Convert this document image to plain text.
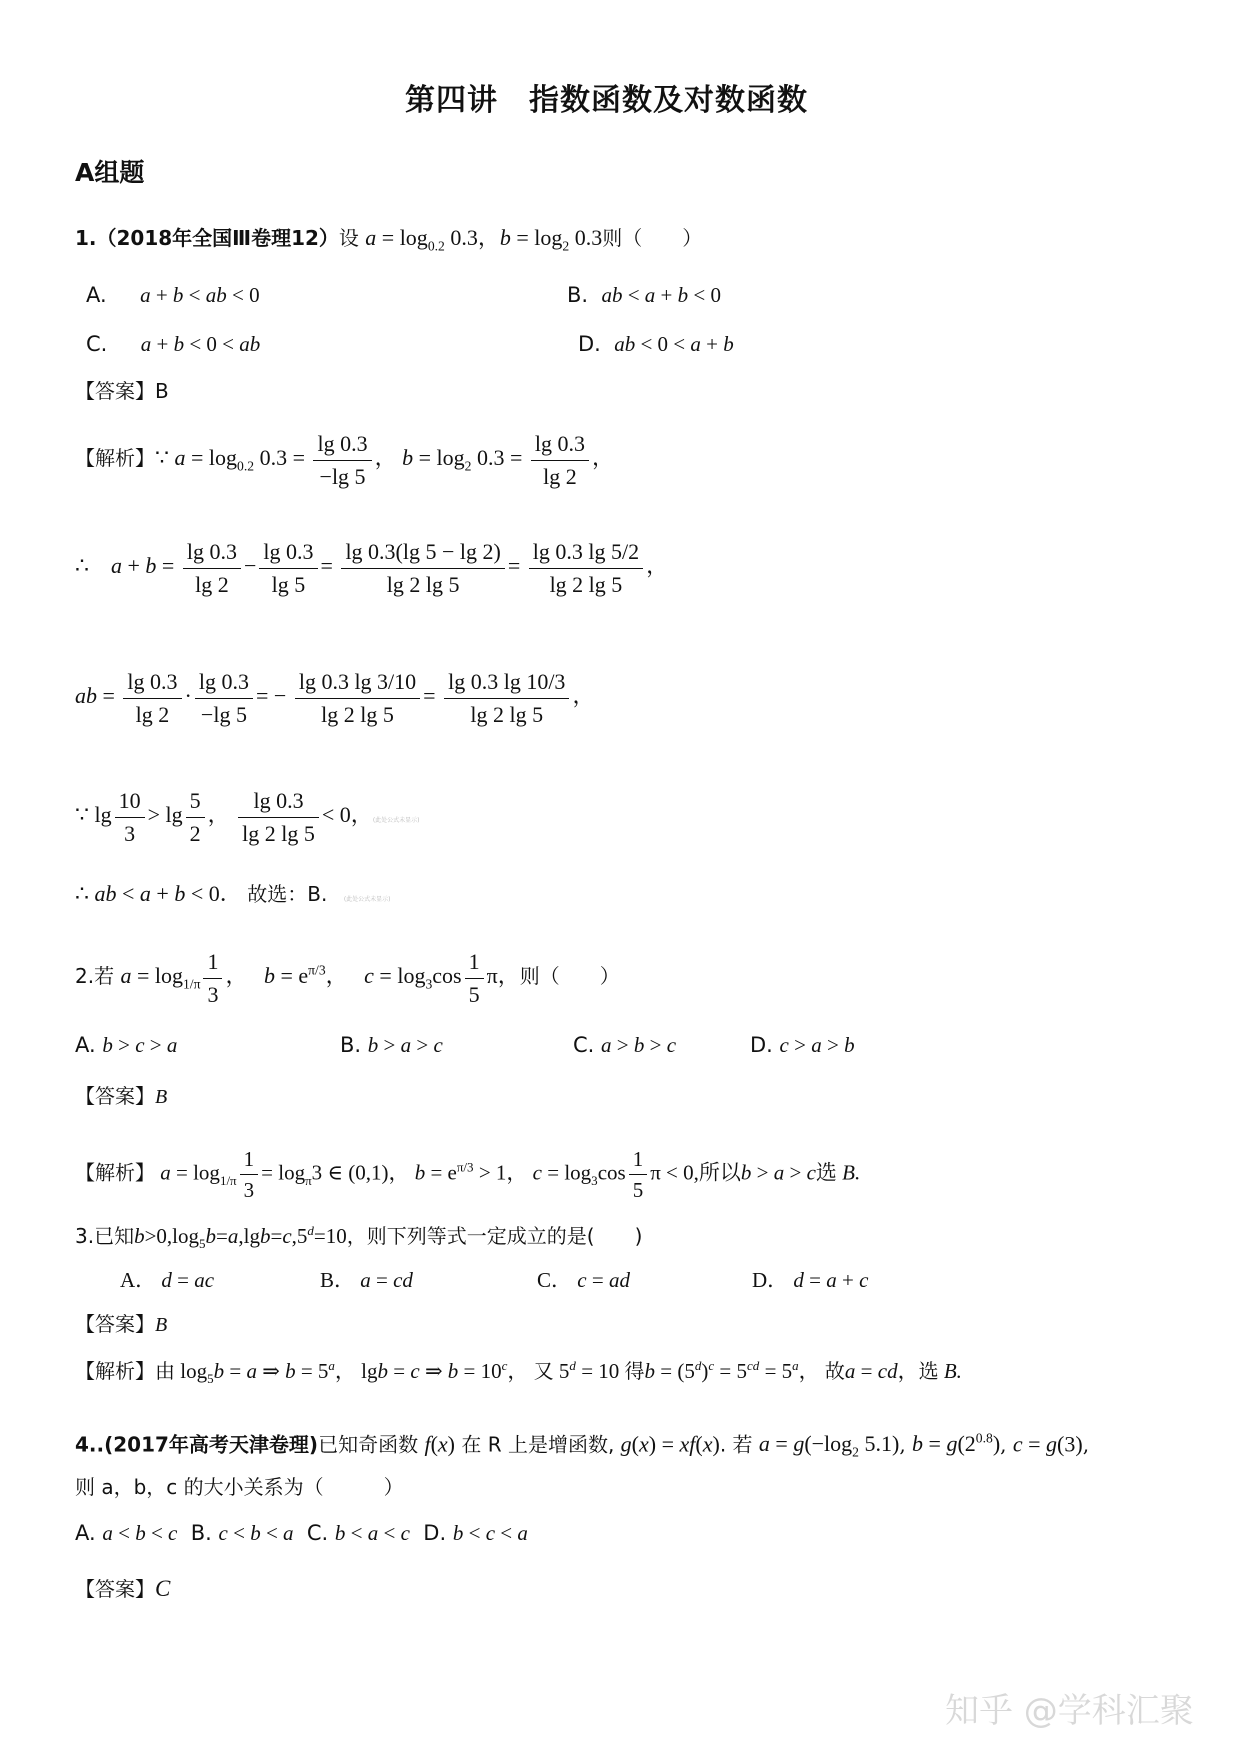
第四讲　指数函数及对数函数
A组题
1.（2018年全国Ⅲ卷理12）设 $a = \log_{0.2} 0.3$，$b = \log_2 0.3$则（　　）
A. a + b < ab < 0	B. ab < a + b < 0
C. a + b < 0 < ab	D. ab < 0 < a + b
【答案】B
【解析】∵ $a = \log_{0.2} 0.3 = \frac{\lg 0.3}{-\lg 5}$ ， $b = \log_2 0.3 = \frac{\lg 0.3}{\lg 2}$ ，
∴    $a + b = \frac{\lg 0.3}{\lg 2} - \frac{\lg 0.3}{\lg 5} = \frac{\lg 0.3(\lg 5 - \lg 2)}{\lg 2 \lg 5} = \frac{\lg 0.3 \lg 5/2}{\lg 2 \lg 5}$ ，
ab = $\frac{\lg 0.3}{\lg 2} \cdot \frac{\lg 0.3}{-\lg 5}$ = − $\frac{\lg 0.3 \lg 3/10}{\lg 2 \lg 5} = \frac{\lg 0.3 \lg 10/3}{\lg 2 \lg 5}$ ，
∵ $\lg \frac{10}{3} > \lg \frac{5}{2}$ ， $\frac{\lg 0.3}{\lg 2 \lg 5} < 0$，(此处公式未显示)
∴ ab < a + b < 0． 故选：B.	(此处公式未显示)
2.若 $a = \log_{1/\pi} \frac{1}{3}$ ，   $b = e^{\pi/3}$，   $c = \log_3\cos \frac{1}{5}$ π，则（　　）
A. b > c > a	B. b > a > c	C. a > b > c	D. c > a > b
【答案】B
【解析】 $a = \log_{1/\pi} \frac{1}{3} = \log_\pi 3$ ∈ (0,1)， $b = e^{\pi/3} > 1$， $c = \log_3\cos \frac{1}{5}$ π < 0,所以b > a > c选 B.
3.已知$b>0,\log_5b=a,\lg b=c,5^d=10$，则下列等式一定成立的是(　　)
A． d = ac	B． a = cd	C． c = ad	D． d = a + c
【答案】B
【解析】由 $\log_5b = a$ ⇒ $b = 5^a$， lgb = c ⇒ $b = 10^c$， 又 $5^d = 10$ 得$b = (5^d)^c = 5^{cd} = 5^a$， 故a = cd，选 B.
4..(2017年高考天津卷理)已知奇函数 f(x) 在 R 上是增函数, g(x) = xf(x). 若 $a = g(-\log_2$ 5.1), $b = g(2^{0.8})$, c = g(3),
则 a，b，c 的大小关系为（　　　）
A. a < b < c B. c < b < a C. b < a < c D. b < c < a
【答案】C
知乎 @学科汇聚
